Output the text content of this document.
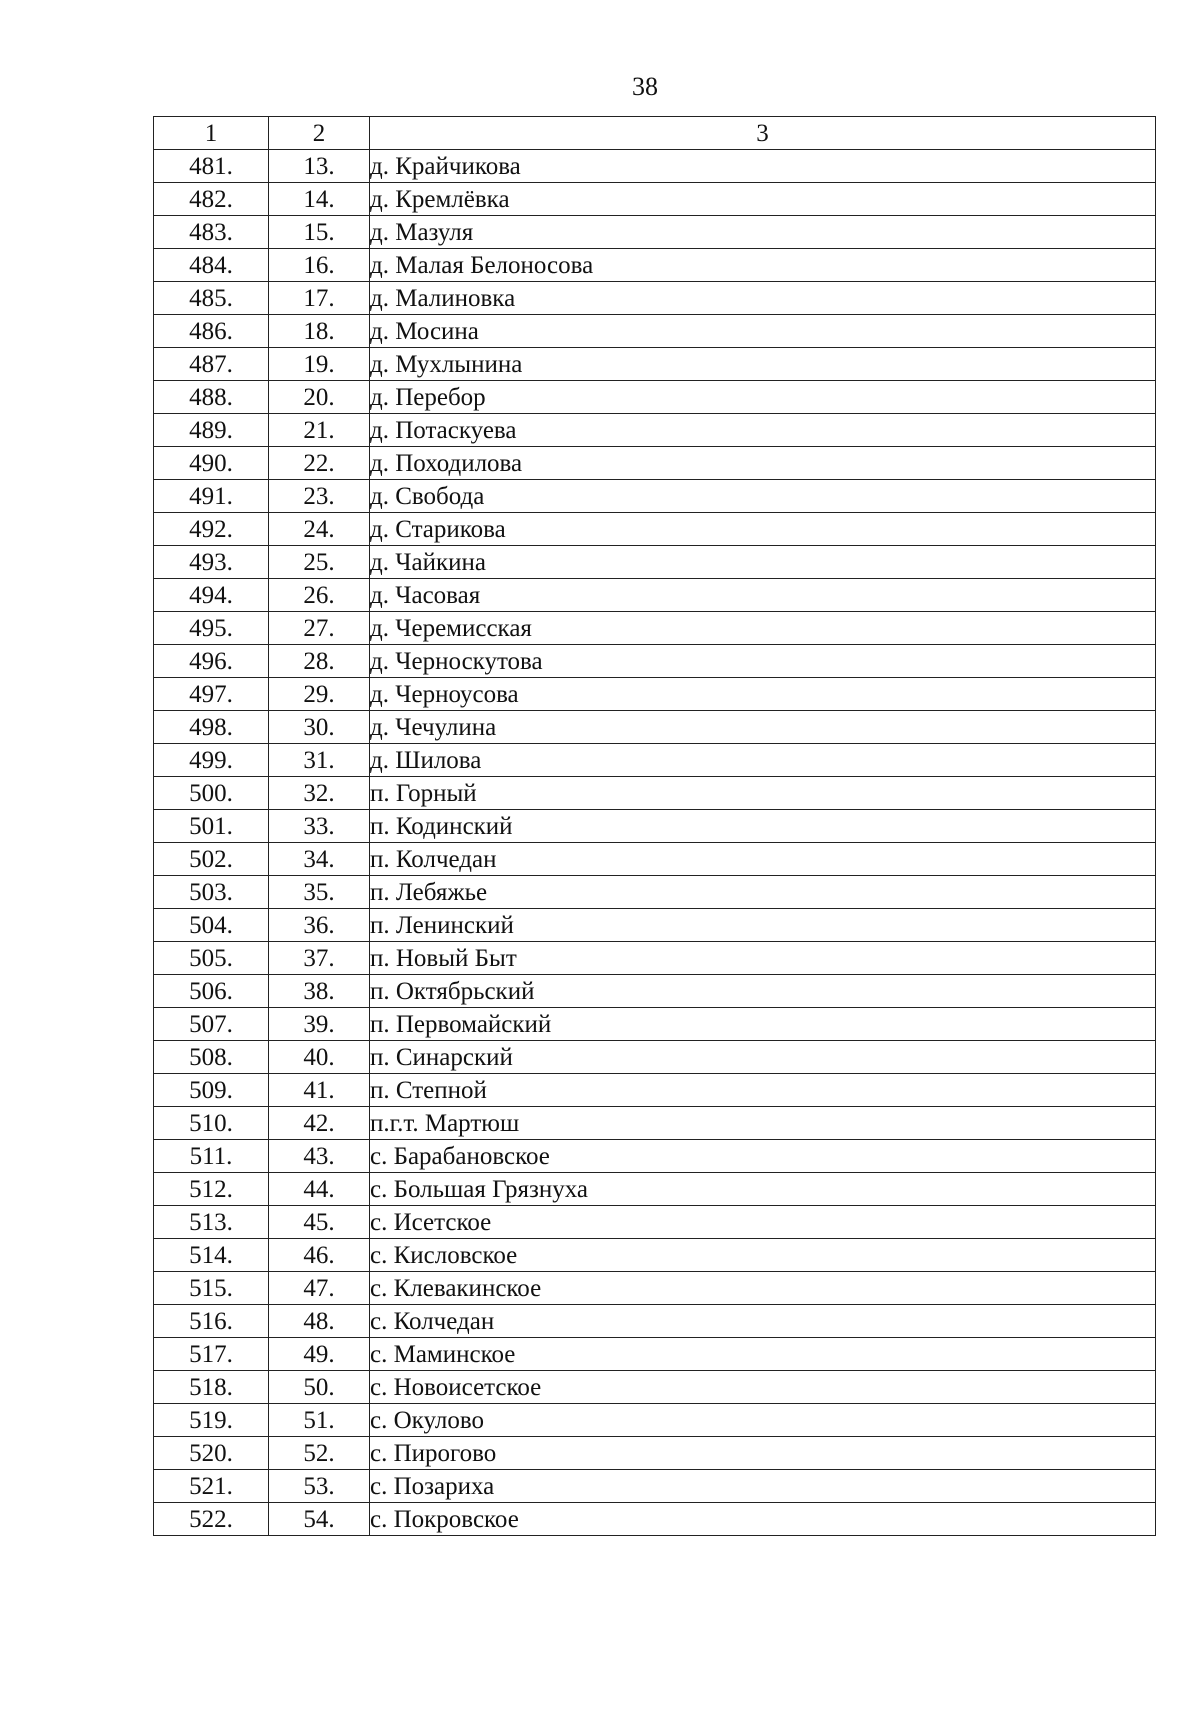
38
1	2	3
481.	13.	д. Крайчикова
482.	14.	д. Кремлёвка
483.	15.	д. Мазуля
484.	16.	д. Малая Белоносова
485.	17.	д. Малиновка
486.	18.	д. Мосина
487.	19.	д. Мухлынина
488.	20.	д. Перебор
489.	21.	д. Потаскуева
490.	22.	д. Походилова
491.	23.	д. Свобода
492.	24.	д. Старикова
493.	25.	д. Чайкина
494.	26.	д. Часовая
495.	27.	д. Черемисская
496.	28.	д. Черноскутова
497.	29.	д. Черноусова
498.	30.	д. Чечулина
499.	31.	д. Шилова
500.	32.	п. Горный
501.	33.	п. Кодинский
502.	34.	п. Колчедан
503.	35.	п. Лебяжье
504.	36.	п. Ленинский
505.	37.	п. Новый Быт
506.	38.	п. Октябрьский
507.	39.	п. Первомайский
508.	40.	п. Синарский
509.	41.	п. Степной
510.	42.	п.г.т. Мартюш
511.	43.	с. Барабановское
512.	44.	с. Большая Грязнуха
513.	45.	с. Исетское
514.	46.	с. Кисловское
515.	47.	с. Клевакинское
516.	48.	с. Колчедан
517.	49.	с. Маминское
518.	50.	с. Новоисетское
519.	51.	с. Окулово
520.	52.	с. Пирогово
521.	53.	с. Позариха
522.	54.	с. Покровское
